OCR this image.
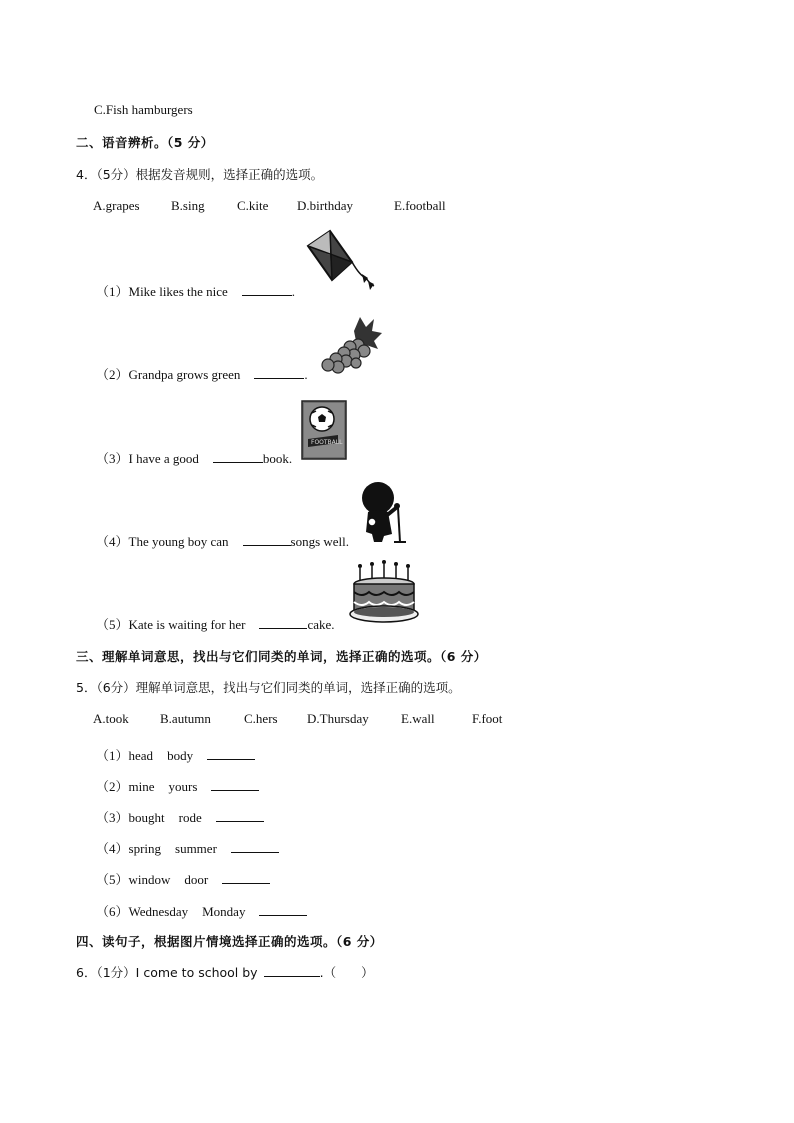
C.Fish hamburgers
二、语音辨析。（5 分）
4．（5分）根据发音规则，选择正确的选项。
A.grapes B.sing C.kite D.birthday	E.football
（1）Mike likes the nice	.
（2）Grandpa grows green	.
（3）I have a good	book.
FOOTBALL
（4）The young boy can	songs well.
（5）Kate is waiting for her	cake.
三、理解单词意思，找出与它们同类的单词，选择正确的选项。（6 分）
5．（6分）理解单词意思，找出与它们同类的单词，选择正确的选项。
A.took B.autumn	C.hers D.Thursday E.wall	F.foot
（1）head body
（2）mine yours
（3）bought rode
（4）spring summer
（5）window door
（6）Wednesday Monday
四、读句子，根据图片情境选择正确的选项。（6 分）
6．（1分）I come to school by	.（　　）
